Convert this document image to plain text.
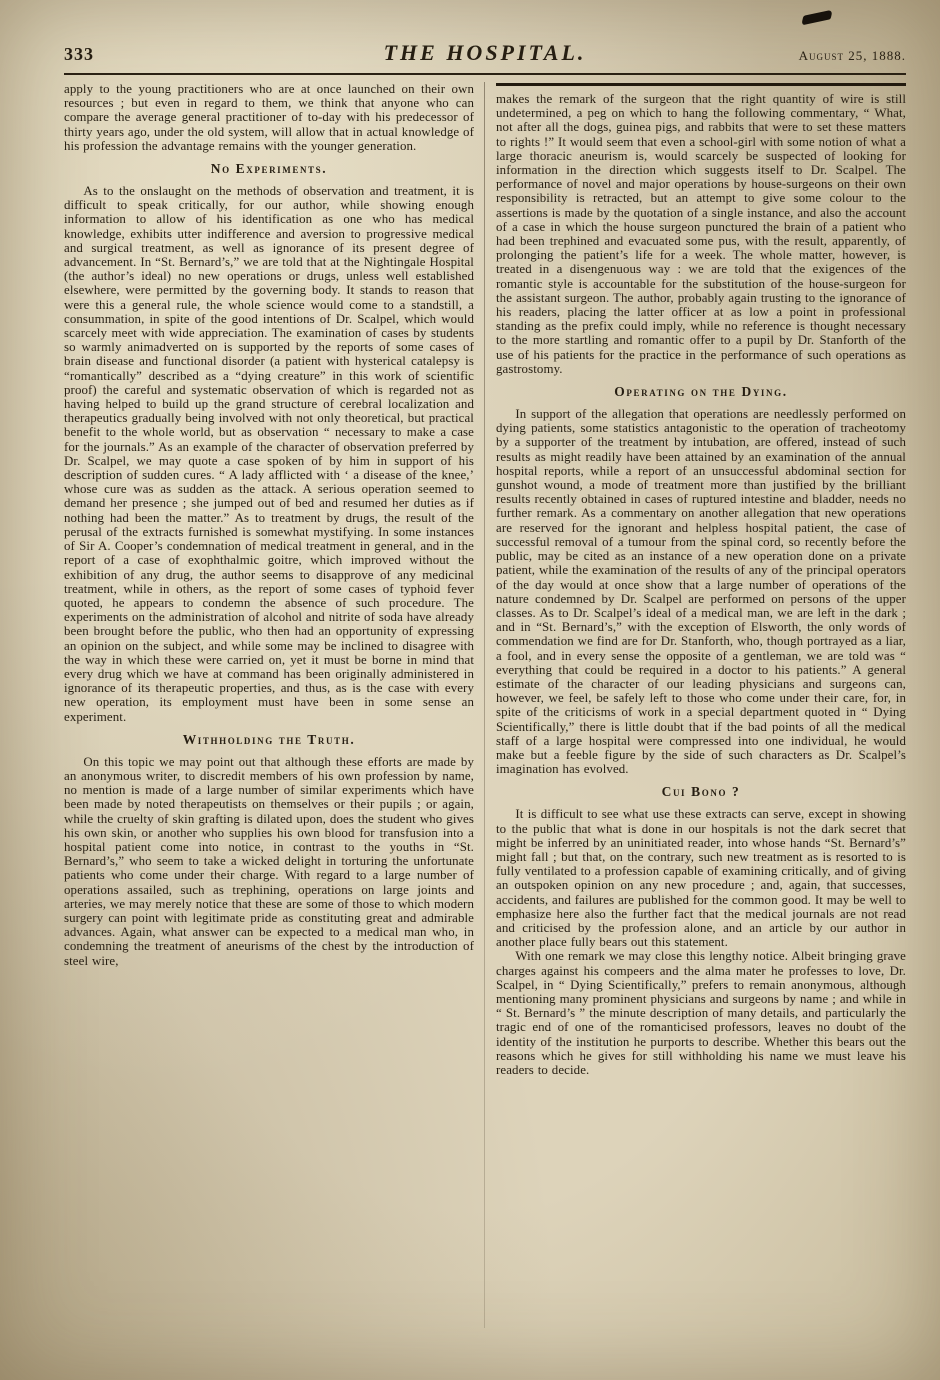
333	THE HOSPITAL.	August 25, 1888.

apply to the young practitioners who are at once launched on their own resources ; but even in regard to them, we think that anyone who can compare the average general practitioner of to-day with his predecessor of thirty years ago, under the old system, will allow that in actual knowledge of his profession the advantage remains with the younger generation.

No Experiments.

As to the onslaught on the methods of observation and treatment, it is difficult to speak critically, for our author, while showing enough information to allow of his identification as one who has medical knowledge, exhibits utter indifference and aversion to progressive medical and surgical treatment, as well as ignorance of its present degree of advancement. In “St. Bernard’s,” we are told that at the Nightingale Hospital (the author’s ideal) no new operations or drugs, unless well established elsewhere, were permitted by the governing body. It stands to reason that were this a general rule, the whole science would come to a standstill, a consummation, in spite of the good intentions of Dr. Scalpel, which would scarcely meet with wide appreciation. The examination of cases by students so warmly animadverted on is supported by the reports of some cases of brain disease and functional disorder (a patient with hysterical catalepsy is “romantically” described as a “dying creature” in this work of scientific proof) the careful and systematic observation of which is regarded not as having helped to build up the grand structure of cerebral localization and therapeutics gradually being involved with not only theoretical, but practical benefit to the whole world, but as observation “ necessary to make a case for the journals.” As an example of the character of observation preferred by Dr. Scalpel, we may quote a case spoken of by him in support of his description of sudden cures. “ A lady afflicted with ‘ a disease of the knee,’ whose cure was as sudden as the attack. A serious operation seemed to demand her presence ; she jumped out of bed and resumed her duties as if nothing had been the matter.” As to treatment by drugs, the result of the perusal of the extracts furnished is somewhat mystifying. In some instances of Sir A. Cooper’s condemnation of medical treatment in general, and in the report of a case of exophthalmic goitre, which improved without the exhibition of any drug, the author seems to disapprove of any medicinal treatment, while in others, as the report of some cases of typhoid fever quoted, he appears to condemn the absence of such procedure. The experiments on the administration of alcohol and nitrite of soda have already been brought before the public, who then had an opportunity of expressing an opinion on the subject, and while some may be inclined to disagree with the way in which these were carried on, yet it must be borne in mind that every drug which we have at command has been originally administered in ignorance of its therapeutic properties, and thus, as is the case with every new operation, its employment must have been in some sense an experiment.

Withholding the Truth.

On this topic we may point out that although these efforts are made by an anonymous writer, to discredit members of his own profession by name, no mention is made of a large number of similar experiments which have been made by noted therapeutists on themselves or their pupils ; or again, while the cruelty of skin grafting is dilated upon, does the student who gives his own skin, or another who supplies his own blood for transfusion into a hospital patient come into notice, in contrast to the youths in “St. Bernard’s,” who seem to take a wicked delight in torturing the unfortunate patients who come under their charge. With regard to a large number of operations assailed, such as trephining, operations on large joints and arteries, we may merely notice that these are some of those to which modern surgery can point with legitimate pride as constituting great and admirable advances. Again, what answer can be expected to a medical man who, in condemning the treatment of aneurisms of the chest by the introduction of steel wire,

makes the remark of the surgeon that the right quantity of wire is still undetermined, a peg on which to hang the following commentary, “ What, not after all the dogs, guinea pigs, and rabbits that were to set these matters to rights !” It would seem that even a school-girl with some notion of what a large thoracic aneurism is, would scarcely be suspected of looking for information in the direction which suggests itself to Dr. Scalpel. The performance of novel and major operations by house-surgeons on their own responsibility is retracted, but an attempt to give some colour to the assertions is made by the quotation of a single instance, and also the account of a case in which the house surgeon punctured the brain of a patient who had been trephined and evacuated some pus, with the result, apparently, of prolonging the patient’s life for a week. The whole matter, however, is treated in a disengenuous way : we are told that the exigences of the romantic style is accountable for the substitution of the house-surgeon for the assistant surgeon. The author, probably again trusting to the ignorance of his readers, placing the latter officer at as low a point in professional standing as the prefix could imply, while no reference is thought necessary to the more startling and romantic offer to a pupil by Dr. Stanforth of the use of his patients for the practice in the performance of such operations as gastrostomy.

Operating on the Dying.

In support of the allegation that operations are needlessly performed on dying patients, some statistics antagonistic to the operation of tracheotomy by a supporter of the treatment by intubation, are offered, instead of such results as might readily have been attained by an examination of the annual hospital reports, while a report of an unsuccessful abdominal section for gunshot wound, a mode of treatment more than justified by the brilliant results recently obtained in cases of ruptured intestine and bladder, needs no further remark. As a commentary on another allegation that new operations are reserved for the ignorant and helpless hospital patient, the case of successful removal of a tumour from the spinal cord, so recently before the public, may be cited as an instance of a new operation done on a private patient, while the examination of the results of any of the principal operators of the day would at once show that a large number of operations of the nature condemned by Dr. Scalpel are performed on persons of the upper classes. As to Dr. Scalpel’s ideal of a medical man, we are left in the dark ; and in “St. Bernard’s,” with the exception of Elsworth, the only words of commendation we find are for Dr. Stanforth, who, though portrayed as a liar, a fool, and in every sense the opposite of a gentleman, we are told was “ everything that could be required in a doctor to his patients.” A general estimate of the character of our leading physicians and surgeons can, however, we feel, be safely left to those who come under their care, for, in spite of the criticisms of work in a special department quoted in “ Dying Scientifically,” there is little doubt that if the bad points of all the medical staff of a large hospital were compressed into one individual, he would make but a feeble figure by the side of such characters as Dr. Scalpel’s imagination has evolved.

Cui Bono ?

It is difficult to see what use these extracts can serve, except in showing to the public that what is done in our hospitals is not the dark secret that might be inferred by an uninitiated reader, into whose hands “St. Bernard’s” might fall ; but that, on the contrary, such new treatment as is resorted to is fully ventilated to a profession capable of examining critically, and of giving an outspoken opinion on any new procedure ; and, again, that successes, accidents, and failures are published for the common good. It may be well to emphasize here also the further fact that the medical journals are not read and criticised by the profession alone, and an article by our author in another place fully bears out this statement.

With one remark we may close this lengthy notice. Albeit bringing grave charges against his compeers and the alma mater he professes to love, Dr. Scalpel, in “ Dying Scientifically,” prefers to remain anonymous, although mentioning many prominent physicians and surgeons by name ; and while in “ St. Bernard’s ” the minute description of many details, and particularly the tragic end of one of the romanticised professors, leaves no doubt of the identity of the institution he purports to describe. Whether this bears out the reasons which he gives for still withholding his name we must leave his readers to decide.
